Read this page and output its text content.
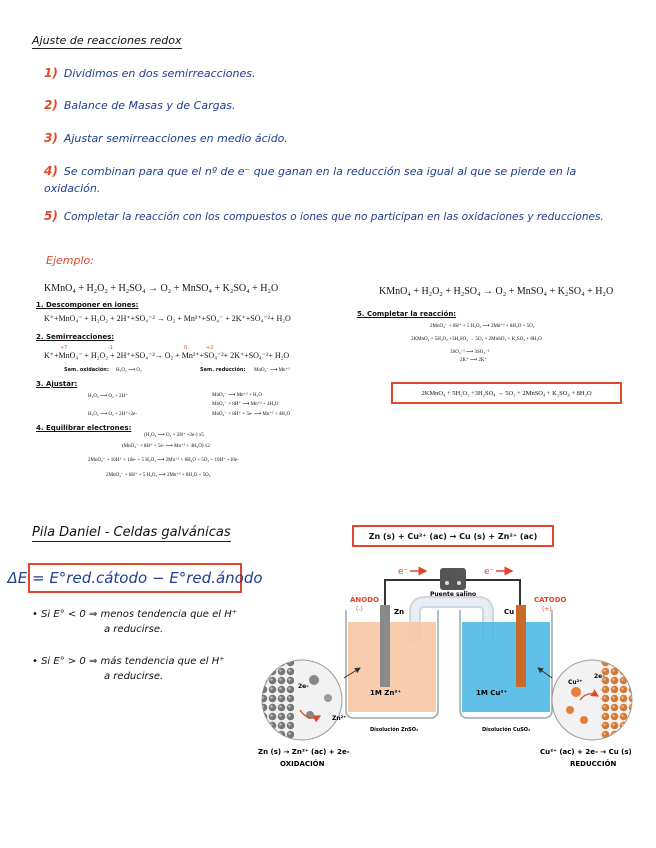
Ajuste de reacciones redox
1) Dividimos en dos semirreacciones.
2) Balance de Masas y de Cargas.
3) Ajustar semirreacciones en medio ácido.
4) Se combinan para que el nº de e⁻ que ganan en la reducción sea igual al que se pierde en la oxidación.
5) Completar la reacción con los compuestos o iones que no participan en las oxidaciones y reducciones.
Ejemplo:
KMnO₄ + H₂O₂ + H₂SO₄ → O₂ + MnSO₄ + K₂SO₄ + H₂O	KMnO₄ + H₂O₂ + H₂SO₄ → O₂ + MnSO₄ + K₂SO₄ + H₂O
1. Descomponer en iones:
K⁺+MnO₄⁻ + H₂O₂ + 2H⁺+SO₄⁻² → O₂ + Mn²⁺+SO₄⁻ + 2K⁺+SO₄⁻²+ H₂O
2. Semirreacciones:
+7	-1	0	+2
K⁺+MnO₄⁻ + H₂O₂ + 2H⁺+SO₄⁻²→ O₂ + Mn²⁺+SO₄⁻²+ 2K⁺+SO₄⁻²+ H₂O
Sem. oxidación: H₂O₂ ⟶ O₂	Sem. reducción: MnO₄⁻ ⟶ Mn⁺²
3. Ajustar:
H₂O₂ ⟶ O₂ + 2H⁺
H₂O₂ ⟶ O₂ + 2H⁺+2e-
MnO₄⁻ ⟶ Mn⁺² + H₂O
MnO₄⁻ + 8H⁺ ⟶ Mn⁺² + 4H₂O
MnO₄⁻ + 8H⁺ + 5e- ⟶ Mn⁺² + 4H₂O
4. Equilibrar electrones:
(H₂O₂ ⟶ O₂ + 2H⁺ +2e-) x5
(MnO₄⁻ + 8H⁺ + 5e- ⟶ Mn⁺² + 4H₂O) x2
2MnO₄⁻ + 16H⁺ + 10e- + 5 H₂O₂ ⟶ 2Mn⁺² + 8H₂O + 5O₂ + 10H⁺ +10e-
2MnO₄⁻ + 6H⁺ + 5 H₂O₂ ⟶ 2Mn⁺² + 8H₂O + 5O₂
5. Completar la reacción:
2MnO₄⁻ + 6H⁺ + 5 H₂O₂ ⟶ 2Mn⁺² + 8H₂O + 5O₂
2KMnO₄ + 5H₂O₂ +3H₂SO₄ → 5O₂ + 2MnSO₄ + K₂SO₄ + 8H₂O
3SO₄⁻² ⟶ 3SO₄⁻²
2K⁺ ⟶ 2K⁺
2KMnO₄ + 5H₂O₂ +3H₂SO₄ → 5O₂ + 2MnSO₄ + K₂SO₄ + 8H₂O
Pila Daniel - Celdas galvánicas
ΔE = E°red.cátodo − E°red.ánodo
• Si E° < 0 ⇒ menos tendencia que el H⁺
a reducirse.
• Si E° > 0 ⇒ más tendencia que el H⁺
a reducirse.
Zn (s) + Cu²⁺ (ac) → Cu (s) + Zn²⁺ (ac)
e⁻	e⁻
Puente salino
ÁNODO
(-)	Zn
CÁTODO
(+)
Cu
1M Zn²⁺	1M Cu²⁺
Disolución ZnSO₄	Disolución CuSO₄
2e-
Zn²⁺
Cu²⁺
2e-
Zn (s) → Zn²⁺ (ac) + 2e-
OXIDACIÓN
Cu²⁺ (ac) + 2e- → Cu (s)
REDUCCIÓN
